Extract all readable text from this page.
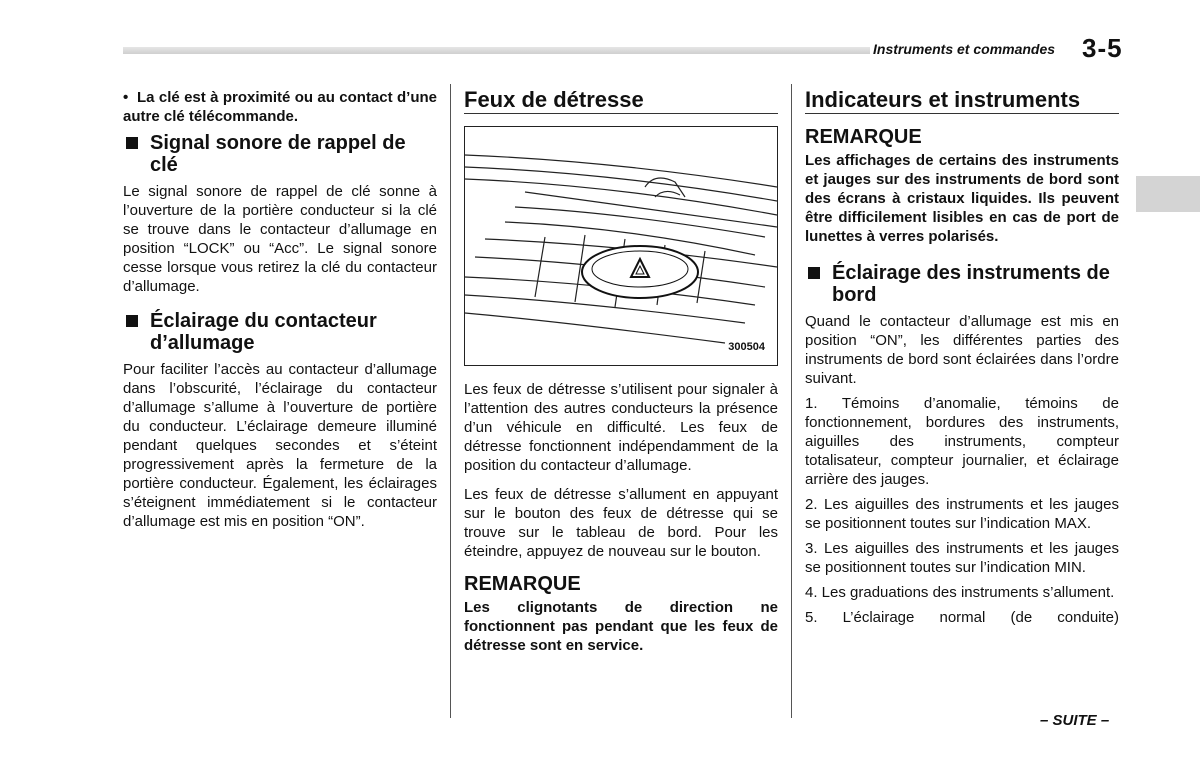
Instruments et commandes 3-5

•  La clé est à proximité ou au contact d’une autre clé télécommande.

Signal sonore de rappel de clé

Le signal sonore de rappel de clé sonne à l’ouverture de la portière conducteur si la clé se trouve dans le contacteur d’allumage en position “LOCK” ou “Acc”. Le signal sonore cesse lorsque vous retirez la clé du contacteur d’allumage.

Éclairage du contacteur d’allumage

Pour faciliter l’accès au contacteur d’allumage dans l’obscurité, l’éclairage du contacteur d’allumage s’allume à l’ouverture de portière du conducteur. L’éclairage demeure illuminé pendant quelques secondes et s’éteint progressivement après la fermeture de la portière conducteur. Également, les éclairages s’éteignent immédiatement si le contacteur d’allumage est mis en position “ON”.

Feux de détresse
300504

Les feux de détresse s’utilisent pour signaler à l’attention des autres conducteurs la présence d’un véhicule en difficulté. Les feux de détresse fonctionnent indépendamment de la position du contacteur d’allumage.

Les feux de détresse s’allument en appuyant sur le bouton des feux de détresse qui se trouve sur le tableau de bord. Pour les éteindre, appuyez de nouveau sur le bouton.

REMARQUE

Les clignotants de direction ne fonctionnent pas pendant que les feux de détresse sont en service.

Indicateurs et instruments
REMARQUE

Les affichages de certains des instruments et jauges sur des instruments de bord sont des écrans à cristaux liquides. Ils peuvent être difficilement lisibles en cas de port de lunettes à verres polarisés.

Éclairage des instruments de bord

Quand le contacteur d’allumage est mis en position “ON”, les différentes parties des instruments de bord sont éclairées dans l’ordre suivant.

1. Témoins d’anomalie, témoins de fonctionnement, bordures des instruments, aiguilles des instruments, compteur totalisateur, compteur journalier, et éclairage arrière des jauges.

2. Les aiguilles des instruments et les jauges se positionnent toutes sur l’indication MAX.

3. Les aiguilles des instruments et les jauges se positionnent toutes sur l’indication MIN.

4. Les graduations des instruments s’allument.

5. L’éclairage normal (de conduite)

– SUITE –
